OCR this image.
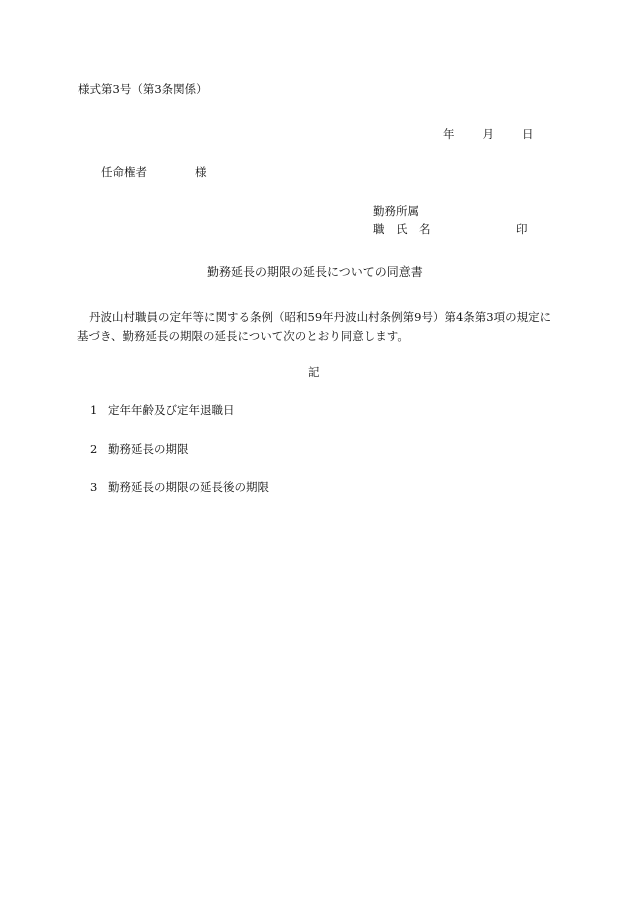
様式第3号（第3条関係）
年 月 日
任命権者	様
勤務所属
職　氏　名	印
勤務延長の期限の延長についての同意書
丹波山村職員の定年等に関する条例（昭和59年丹波山村条例第9号）第4条第3項の規定に基づき、勤務延長の期限の延長について次のとおり同意します。
記
1 定年年齢及び定年退職日
2 勤務延長の期限
3 勤務延長の期限の延長後の期限
